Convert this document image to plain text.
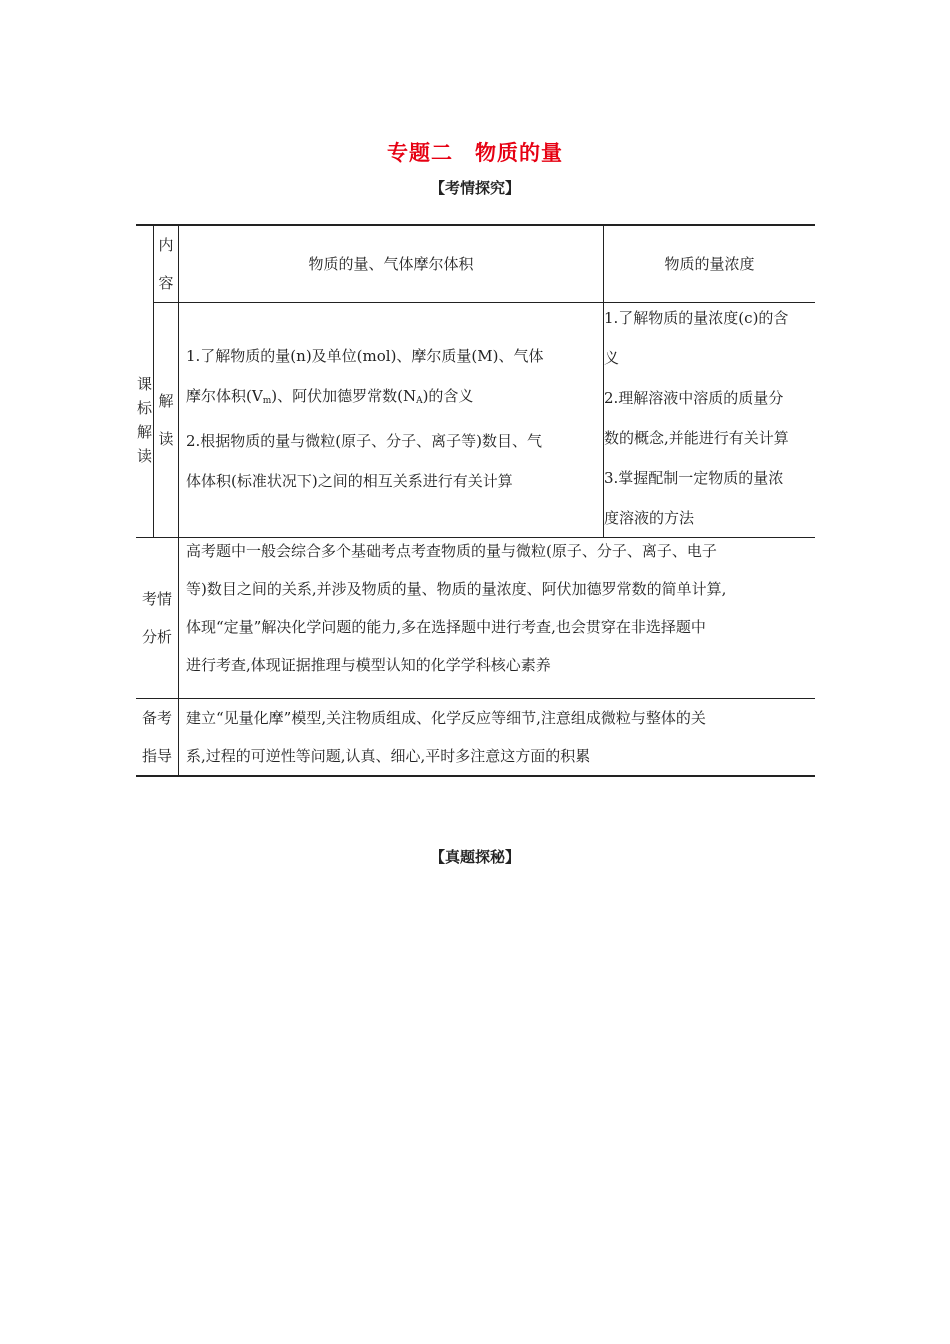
专题二 物质的量
【考情探究】
内
容
物质的量、气体摩尔体积	物质的量浓度
课
标
解
读
解
读
1.了解物质的量(n)及单位(mol)、摩尔质量(M)、气体
摩尔体积(Vm)、阿伏加德罗常数(NA)的含义
2.根据物质的量与微粒(原子、分子、离子等)数目、气
体体积(标准状况下)之间的相互关系进行有关计算
1.了解物质的量浓度(c)的含
义
2.理解溶液中溶质的质量分
数的概念,并能进行有关计算
3.掌握配制一定物质的量浓
度溶液的方法
考情
分析
高考题中一般会综合多个基础考点考查物质的量与微粒(原子、分子、离子、电子
等)数目之间的关系,并涉及物质的量、物质的量浓度、阿伏加德罗常数的简单计算,
体现“定量”解决化学问题的能力,多在选择题中进行考查,也会贯穿在非选择题中
进行考查,体现证据推理与模型认知的化学学科核心素养
备考
指导
建立“见量化摩”模型,关注物质组成、化学反应等细节,注意组成微粒与整体的关
系,过程的可逆性等问题,认真、细心,平时多注意这方面的积累
【真题探秘】
